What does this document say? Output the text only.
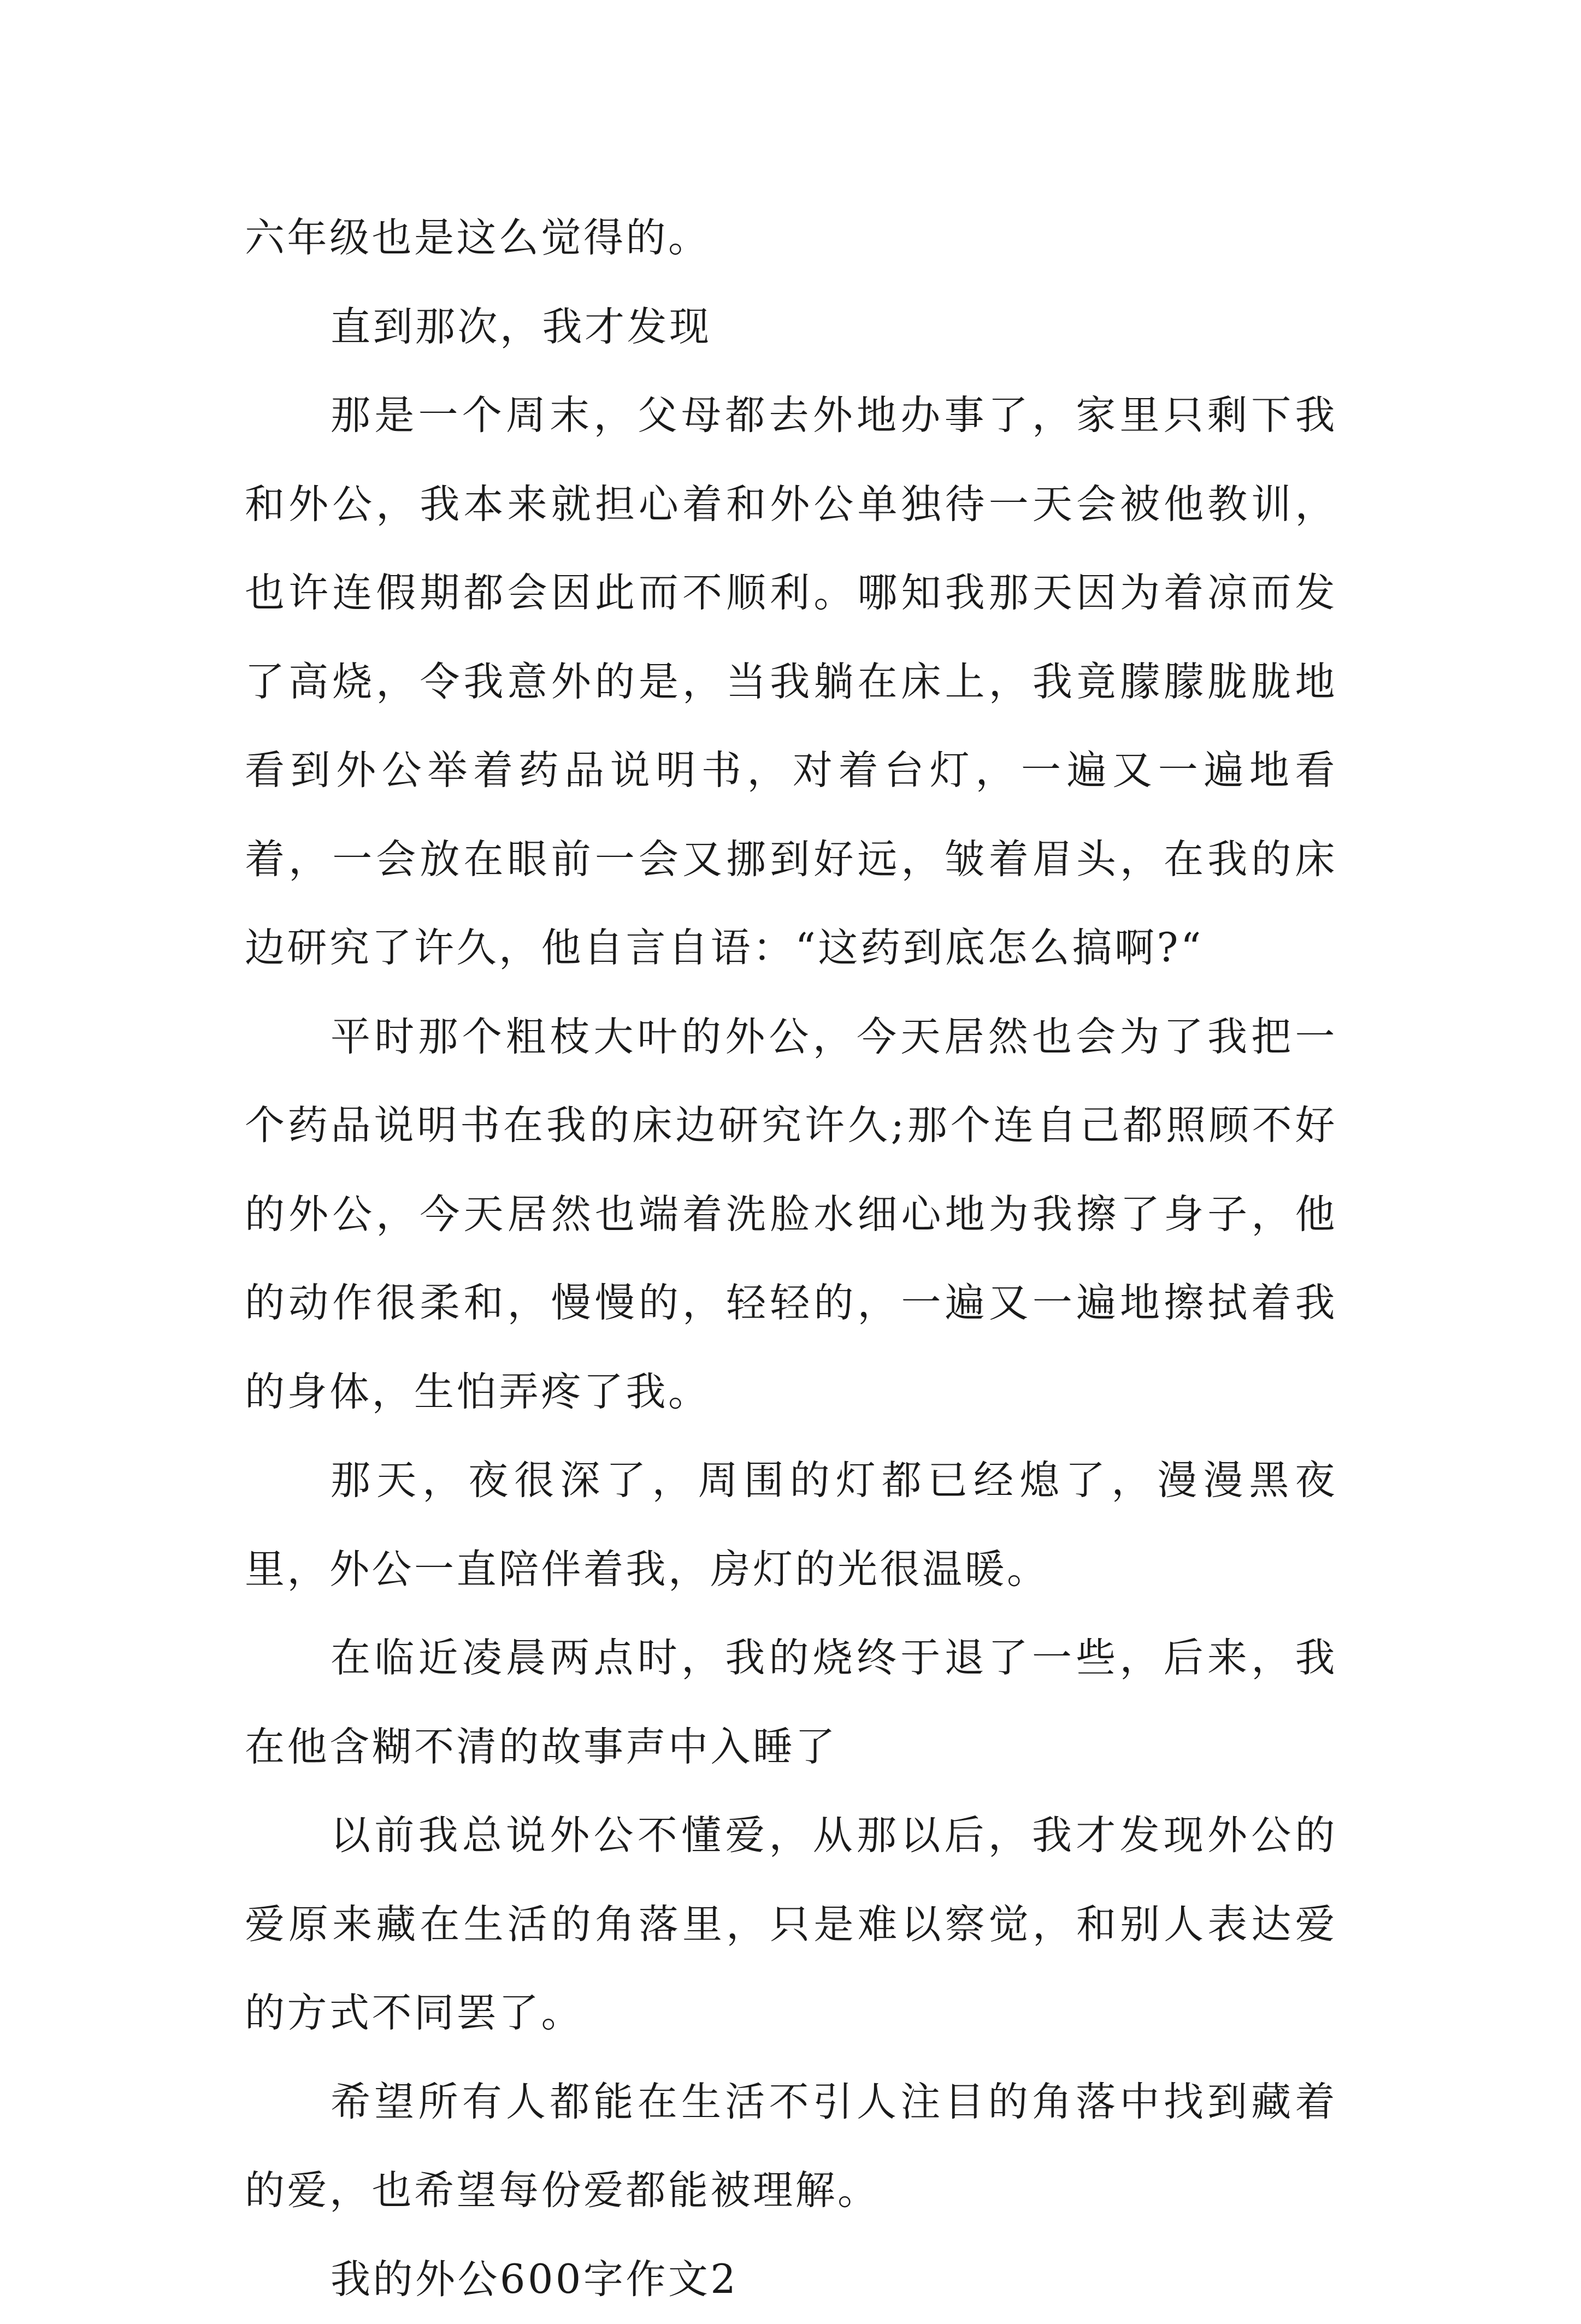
六年级也是这么觉得的。

直到那次，我才发现

那是一个周末，父母都去外地办事了，家里只剩下我和外公，我本来就担心着和外公单独待一天会被他教训，也许连假期都会因此而不顺利。哪知我那天因为着凉而发了高烧，令我意外的是，当我躺在床上，我竟朦朦胧胧地看到外公举着药品说明书，对着台灯，一遍又一遍地看着，一会放在眼前一会又挪到好远，皱着眉头，在我的床边研究了许久，他自言自语：“这药到底怎么搞啊?“

平时那个粗枝大叶的外公，今天居然也会为了我把一个药品说明书在我的床边研究许久;那个连自己都照顾不好的外公，今天居然也端着洗脸水细心地为我擦了身子，他的动作很柔和，慢慢的，轻轻的，一遍又一遍地擦拭着我的身体，生怕弄疼了我。

那天，夜很深了，周围的灯都已经熄了，漫漫黑夜里，外公一直陪伴着我，房灯的光很温暖。

在临近凌晨两点时，我的烧终于退了一些，后来，我在他含糊不清的故事声中入睡了

以前我总说外公不懂爱，从那以后，我才发现外公的爱原来藏在生活的角落里，只是难以察觉，和别人表达爱的方式不同罢了。

希望所有人都能在生活不引人注目的角落中找到藏着的爱，也希望每份爱都能被理解。

我的外公600字作文2
